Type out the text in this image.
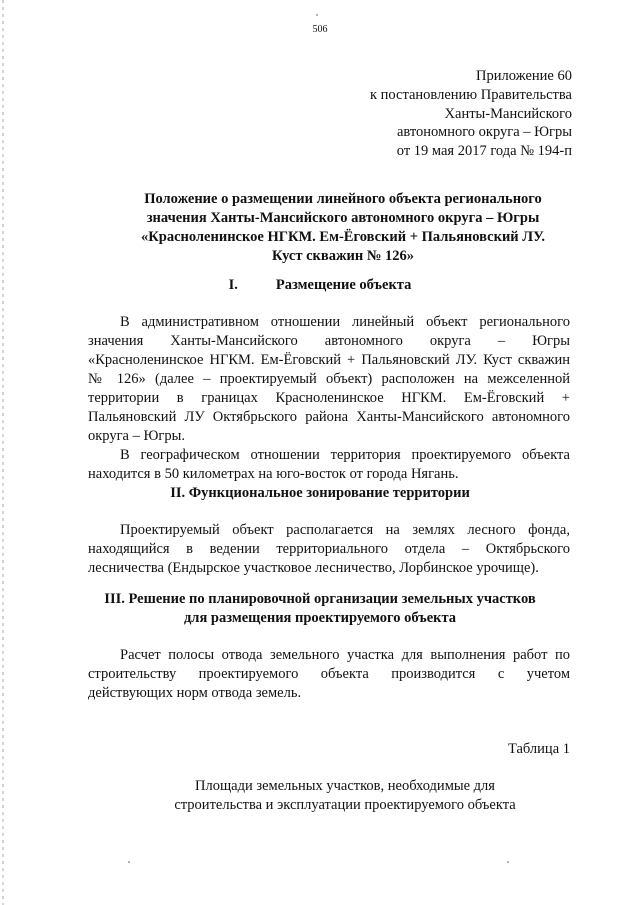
506
Приложение 60
к постановлению Правительства
Ханты-Мансийского
автономного округа – Югры
от 19 мая 2017 года № 194-п
Положение о размещении линейного объекта регионального
значения Ханты-Мансийского автономного округа – Югры
«Красноленинское НГКМ. Ем-Ёговский + Пальяновский ЛУ.
Куст скважин № 126»
I.	Размещение объекта
В административном отношении линейный объект регионального
значения Ханты-Мансийского автономного округа – Югры
«Красноленинское НГКМ. Ем-Ёговский + Пальяновский ЛУ. Куст скважин
№ 126» (далее – проектируемый объект) расположен на межселенной
территории в границах Красноленинское НГКМ. Ем-Ёговский +
Пальяновский ЛУ Октябрьского района Ханты-Мансийского автономного
округа – Югры.
В географическом отношении территория проектируемого объекта
находится в 50 километрах на юго-восток от города Нягань.
II. Функциональное зонирование территории
Проектируемый объект располагается на землях лесного фонда,
находящийся в ведении территориального отдела – Октябрьского
лесничества (Ендырское участковое лесничество, Лорбинское урочище).
III. Решение по планировочной организации земельных участков
для размещения проектируемого объекта
Расчет полосы отвода земельного участка для выполнения работ по
строительству проектируемого объекта производится с учетом
действующих норм отвода земель.
Таблица 1
Площади земельных участков, необходимые для
строительства и эксплуатации проектируемого объекта
